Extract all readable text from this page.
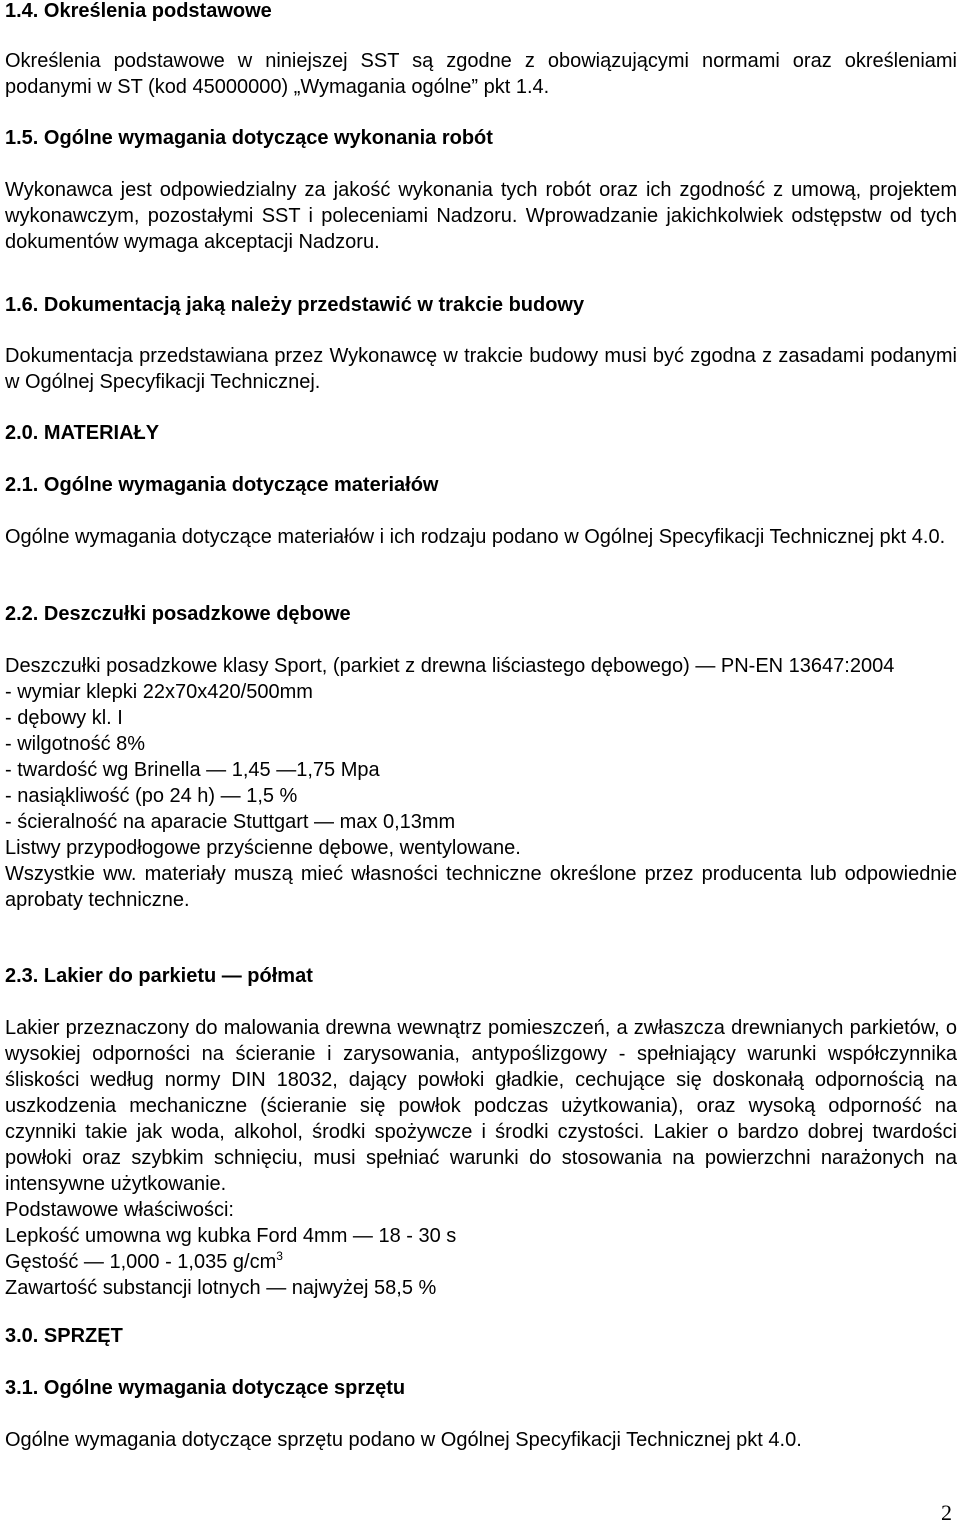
1.4. Określenia podstawowe

Określenia podstawowe w niniejszej SST są zgodne z obowiązującymi normami oraz określeniami podanymi w ST (kod 45000000) „Wymagania ogólne” pkt 1.4.

1.5. Ogólne wymagania dotyczące wykonania robót

Wykonawca jest odpowiedzialny za jakość wykonania tych robót oraz ich zgodność z umową, projektem wykonawczym, pozostałymi SST i poleceniami Nadzoru. Wprowadzanie jakichkolwiek odstępstw od tych dokumentów wymaga akceptacji Nadzoru.

1.6. Dokumentacją jaką należy przedstawić w trakcie budowy

Dokumentacja przedstawiana przez Wykonawcę w trakcie budowy musi być zgodna z zasadami podanymi w Ogólnej Specyfikacji Technicznej.

2.0. MATERIAŁY

2.1. Ogólne wymagania dotyczące materiałów

Ogólne wymagania dotyczące materiałów i ich rodzaju podano w Ogólnej Specyfikacji Technicznej pkt 4.0.

2.2. Deszczułki posadzkowe dębowe

Deszczułki posadzkowe klasy Sport, (parkiet z drewna liściastego dębowego) — PN-EN 13647:2004

- wymiar klepki 22x70x420/500mm

- dębowy kl. I

- wilgotność 8%

- twardość wg Brinella — 1,45 —1,75 Mpa

- nasiąkliwość (po 24 h) — 1,5 %

- ścieralność na aparacie Stuttgart — max 0,13mm

Listwy przypodłogowe przyścienne dębowe, wentylowane.

Wszystkie ww. materiały muszą mieć własności techniczne określone przez producenta lub odpowiednie aprobaty techniczne.

2.3. Lakier do parkietu — półmat

Lakier przeznaczony do malowania drewna wewnątrz pomieszczeń, a zwłaszcza drewnianych parkietów, o wysokiej odporności na ścieranie i zarysowania, antypoślizgowy - spełniający warunki współczynnika śliskości według normy DIN 18032, dający powłoki gładkie, cechujące się doskonałą odpornością na uszkodzenia mechaniczne (ścieranie się powłok podczas użytkowania), oraz wysoką odporność na czynniki takie jak woda, alkohol, środki spożywcze i środki czystości. Lakier o bardzo dobrej twardości powłoki oraz szybkim schnięciu, musi spełniać warunki do stosowania na powierzchni narażonych na intensywne użytkowanie.

Podstawowe właściwości:

Lepkość umowna wg kubka Ford 4mm — 18 - 30 s

Gęstość — 1,000 - 1,035 $g/cm^3$

Zawartość substancji lotnych — najwyżej 58,5 %

3.0. SPRZĘT

3.1. Ogólne wymagania dotyczące sprzętu

Ogólne wymagania dotyczące sprzętu podano w Ogólnej Specyfikacji Technicznej pkt 4.0.

2
